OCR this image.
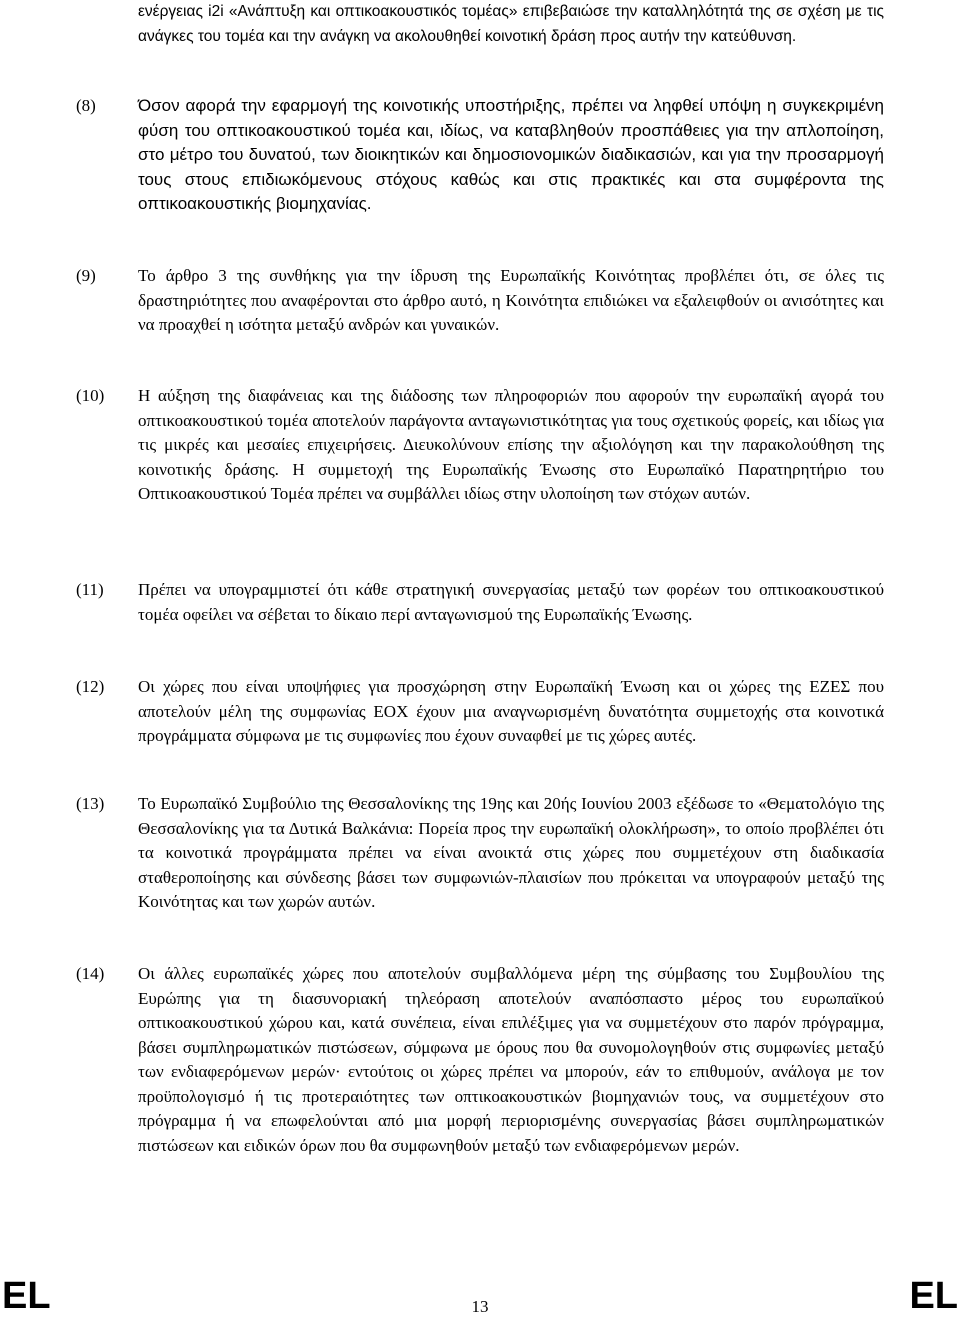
ενέργειας i2i «Ανάπτυξη και οπτικοακουστικός τομέας» επιβεβαιώσε την καταλληλότητά της σε σχέση με τις ανάγκες του τομέα και την ανάγκη να ακολουθηθεί κοινοτική δράση προς αυτήν την κατεύθυνση.
(8) Όσον αφορά την εφαρμογή της κοινοτικής υποστήριξης, πρέπει να ληφθεί υπόψη η συγκεκριμένη φύση του οπτικοακουστικού τομέα και, ιδίως, να καταβληθούν προσπάθειες για την απλοποίηση, στο μέτρο του δυνατού, των διοικητικών και δημοσιονομικών διαδικασιών, και για την προσαρμογή τους στους επιδιωκόμενους στόχους καθώς και στις πρακτικές και στα συμφέροντα της οπτικοακουστικής βιομηχανίας.
(9) Το άρθρο 3 της συνθήκης για την ίδρυση της Ευρωπαϊκής Κοινότητας προβλέπει ότι, σε όλες τις δραστηριότητες που αναφέρονται στο άρθρο αυτό, η Κοινότητα επιδιώκει να εξαλειφθούν οι ανισότητες και να προαχθεί η ισότητα μεταξύ ανδρών και γυναικών.
(10) Η αύξηση της διαφάνειας και της διάδοσης των πληροφοριών που αφορούν την ευρωπαϊκή αγορά του οπτικοακουστικού τομέα αποτελούν παράγοντα ανταγωνιστικότητας για τους σχετικούς φορείς, και ιδίως για τις μικρές και μεσαίες επιχειρήσεις. Διευκολύνουν επίσης την αξιολόγηση και την παρακολούθηση της κοινοτικής δράσης. Η συμμετοχή της Ευρωπαϊκής Ένωσης στο Ευρωπαϊκό Παρατηρητήριο του Οπτικοακουστικού Τομέα πρέπει να συμβάλλει ιδίως στην υλοποίηση των στόχων αυτών.
(11) Πρέπει να υπογραμμιστεί ότι κάθε στρατηγική συνεργασίας μεταξύ των φορέων του οπτικοακουστικού τομέα οφείλει να σέβεται το δίκαιο περί ανταγωνισμού της Ευρωπαϊκής Ένωσης.
(12) Οι χώρες που είναι υποψήφιες για προσχώρηση στην Ευρωπαϊκή Ένωση και οι χώρες της ΕΖΕΣ που αποτελούν μέλη της συμφωνίας ΕΟΧ έχουν μια αναγνωρισμένη δυνατότητα συμμετοχής στα κοινοτικά προγράμματα σύμφωνα με τις συμφωνίες που έχουν συναφθεί με τις χώρες αυτές.
(13) Το Ευρωπαϊκό Συμβούλιο της Θεσσαλονίκης της 19ης και 20ής Ιουνίου 2003 εξέδωσε το «Θεματολόγιο της Θεσσαλονίκης για τα Δυτικά Βαλκάνια: Πορεία προς την ευρωπαϊκή ολοκλήρωση», το οποίο προβλέπει ότι τα κοινοτικά προγράμματα πρέπει να είναι ανοικτά στις χώρες που συμμετέχουν στη διαδικασία σταθεροποίησης και σύνδεσης βάσει των συμφωνιών-πλαισίων που πρόκειται να υπογραφούν μεταξύ της Κοινότητας και των χωρών αυτών.
(14) Οι άλλες ευρωπαϊκές χώρες που αποτελούν συμβαλλόμενα μέρη της σύμβασης του Συμβουλίου της Ευρώπης για τη διασυνοριακή τηλεόραση αποτελούν αναπόσπαστο μέρος του ευρωπαϊκού οπτικοακουστικού χώρου και, κατά συνέπεια, είναι επιλέξιμες για να συμμετέχουν στο παρόν πρόγραμμα, βάσει συμπληρωματικών πιστώσεων, σύμφωνα με όρους που θα συνομολογηθούν στις συμφωνίες μεταξύ των ενδιαφερόμενων μερών· εντούτοις οι χώρες πρέπει να μπορούν, εάν το επιθυμούν, ανάλογα με τον προϋπολογισμό ή τις προτεραιότητες των οπτικοακουστικών βιομηχανιών τους, να συμμετέχουν στο πρόγραμμα ή να επωφελούνται από μια μορφή περιορισμένης συνεργασίας βάσει συμπληρωματικών πιστώσεων και ειδικών όρων που θα συμφωνηθούν μεταξύ των ενδιαφερόμενων μερών.
EL	13	EL
